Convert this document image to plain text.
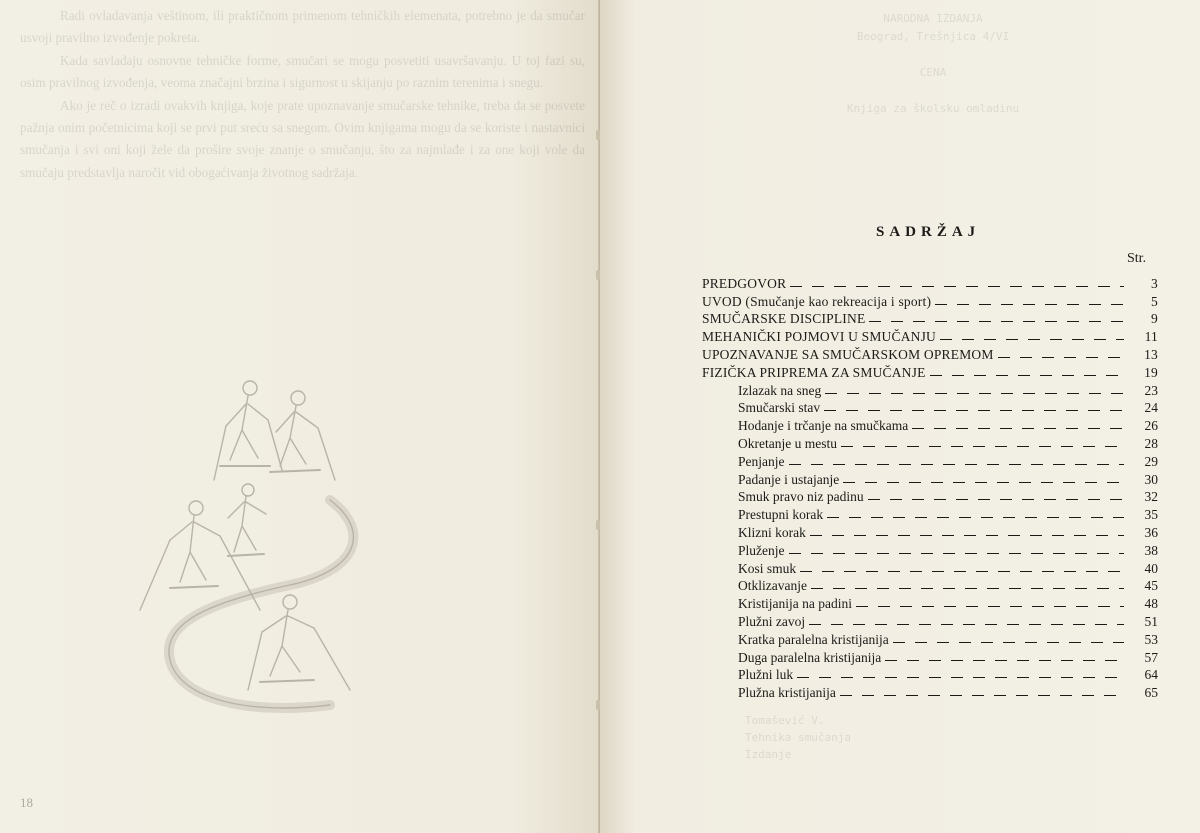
Radi ovladavanja veštinom, ili praktičnom primenom tehničkih elemenata, potrebno je da smučar usvoji pravilno izvođenje pokreta.

Kada savladaju osnovne tehničke forme, smučari se mogu posvetiti usavršavanju. U toj fazi su, osim pravilnog izvođenja, veoma značajni brzina i sigurnost u skijanju po raznim terenima i snegu.

Ako je reč o izradi ovakvih knjiga, koje prate upoznavanje smučarske tehnike, treba da se posvete pažnja onim početnicima koji se prvi put sreću sa snegom. Ovim knjigama mogu da se koriste i nastavnici smučanja i svi oni koji žele da prošire svoje znanje o smučanju, što za najmlađe i za one koji vole da smučaju predstavlja naročit vid obogaćivanja životnog sadržaja.

18
NARODNA IZDANJA
Beograd, Trešnjica 4/VI

CENA

Knjiga za školsku omladinu
Tomašević V.
Tehnika smučanja
Izdanje
SADRŽAJ
Str.
PREDGOVOR	3
UVOD (Smučanje kao rekreacija i sport)	5
SMUČARSKE DISCIPLINE	9
MEHANIČKI POJMOVI U SMUČANJU	11
UPOZNAVANJE SA SMUČARSKOM OPREMOM	13
FIZIČKA PRIPREMA ZA SMUČANJE	19
Izlazak na sneg	23
Smučarski stav	24
Hodanje i trčanje na smučkama	26
Okretanje u mestu	28
Penjanje	29
Padanje i ustajanje	30
Smuk pravo niz padinu	32
Prestupni korak	35
Klizni korak	36
Pluženje	38
Kosi smuk	40
Otklizavanje	45
Kristijanija na padini	48
Plužni zavoj	51
Kratka paralelna kristijanija	53
Duga paralelna kristijanija	57
Plužni luk	64
Plužna kristijanija	65
